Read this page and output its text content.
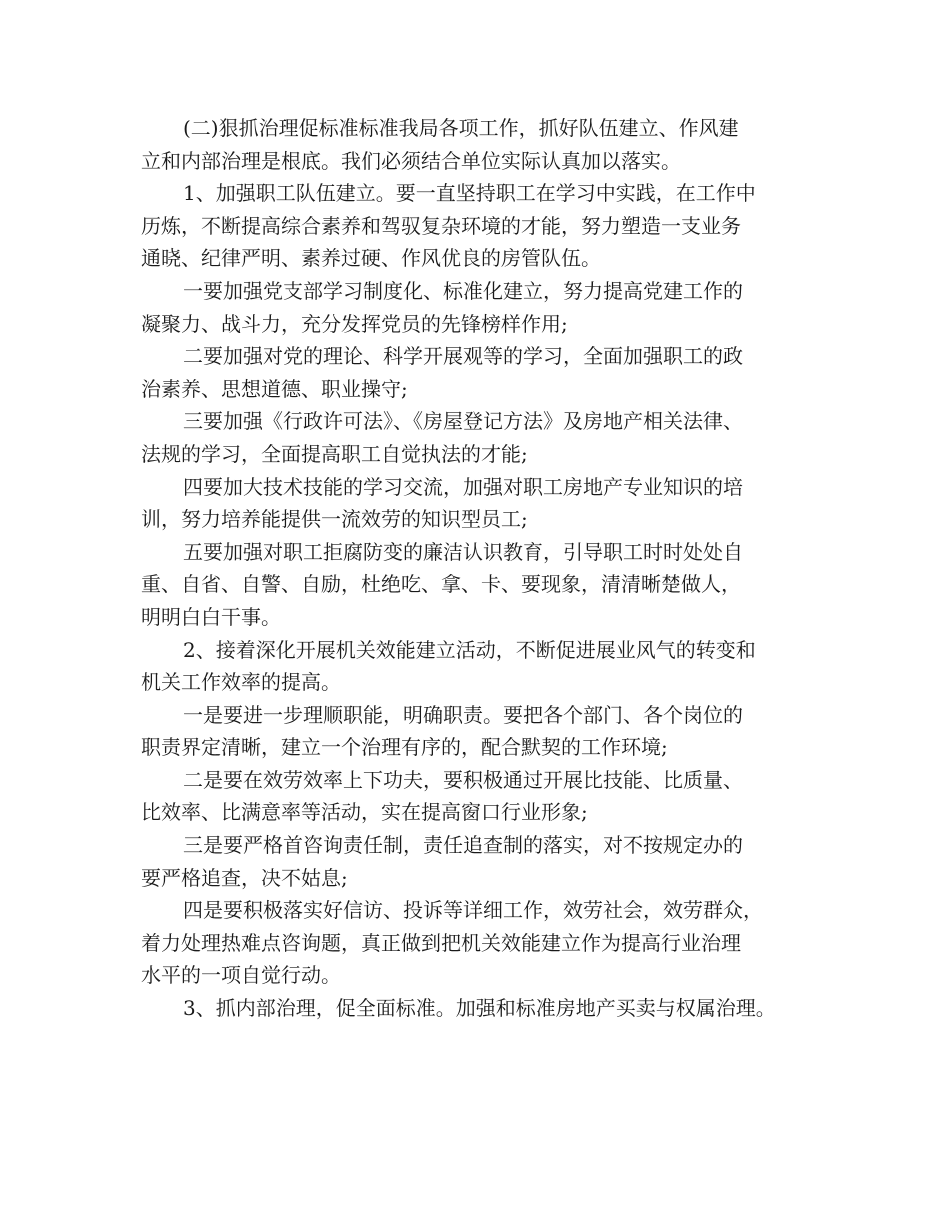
(二)狠抓治理促标准标准我局各项工作，抓好队伍建立、作风建
立和内部治理是根底。我们必须结合单位实际认真加以落实。

1、加强职工队伍建立。要一直坚持职工在学习中实践，在工作中
历炼，不断提高综合素养和驾驭复杂环境的才能，努力塑造一支业务
通晓、纪律严明、素养过硬、作风优良的房管队伍。

一要加强党支部学习制度化、标准化建立，努力提高党建工作的
凝聚力、战斗力，充分发挥党员的先锋榜样作用;

二要加强对党的理论、科学开展观等的学习，全面加强职工的政
治素养、思想道德、职业操守;

三要加强《行政许可法》、《房屋登记方法》及房地产相关法律、
法规的学习，全面提高职工自觉执法的才能;

四要加大技术技能的学习交流，加强对职工房地产专业知识的培
训，努力培养能提供一流效劳的知识型员工;

五要加强对职工拒腐防变的廉洁认识教育，引导职工时时处处自
重、自省、自警、自励，杜绝吃、拿、卡、要现象，清清晰楚做人，
明明白白干事。

2、接着深化开展机关效能建立活动，不断促进展业风气的转变和
机关工作效率的提高。

一是要进一步理顺职能，明确职责。要把各个部门、各个岗位的
职责界定清晰，建立一个治理有序的，配合默契的工作环境;

二是要在效劳效率上下功夫，要积极通过开展比技能、比质量、
比效率、比满意率等活动，实在提高窗口行业形象;

三是要严格首咨询责任制，责任追查制的落实，对不按规定办的
要严格追查，决不姑息;

四是要积极落实好信访、投诉等详细工作，效劳社会，效劳群众，
着力处理热难点咨询题，真正做到把机关效能建立作为提高行业治理
水平的一项自觉行动。

3、抓内部治理，促全面标准。加强和标准房地产买卖与权属治理。
